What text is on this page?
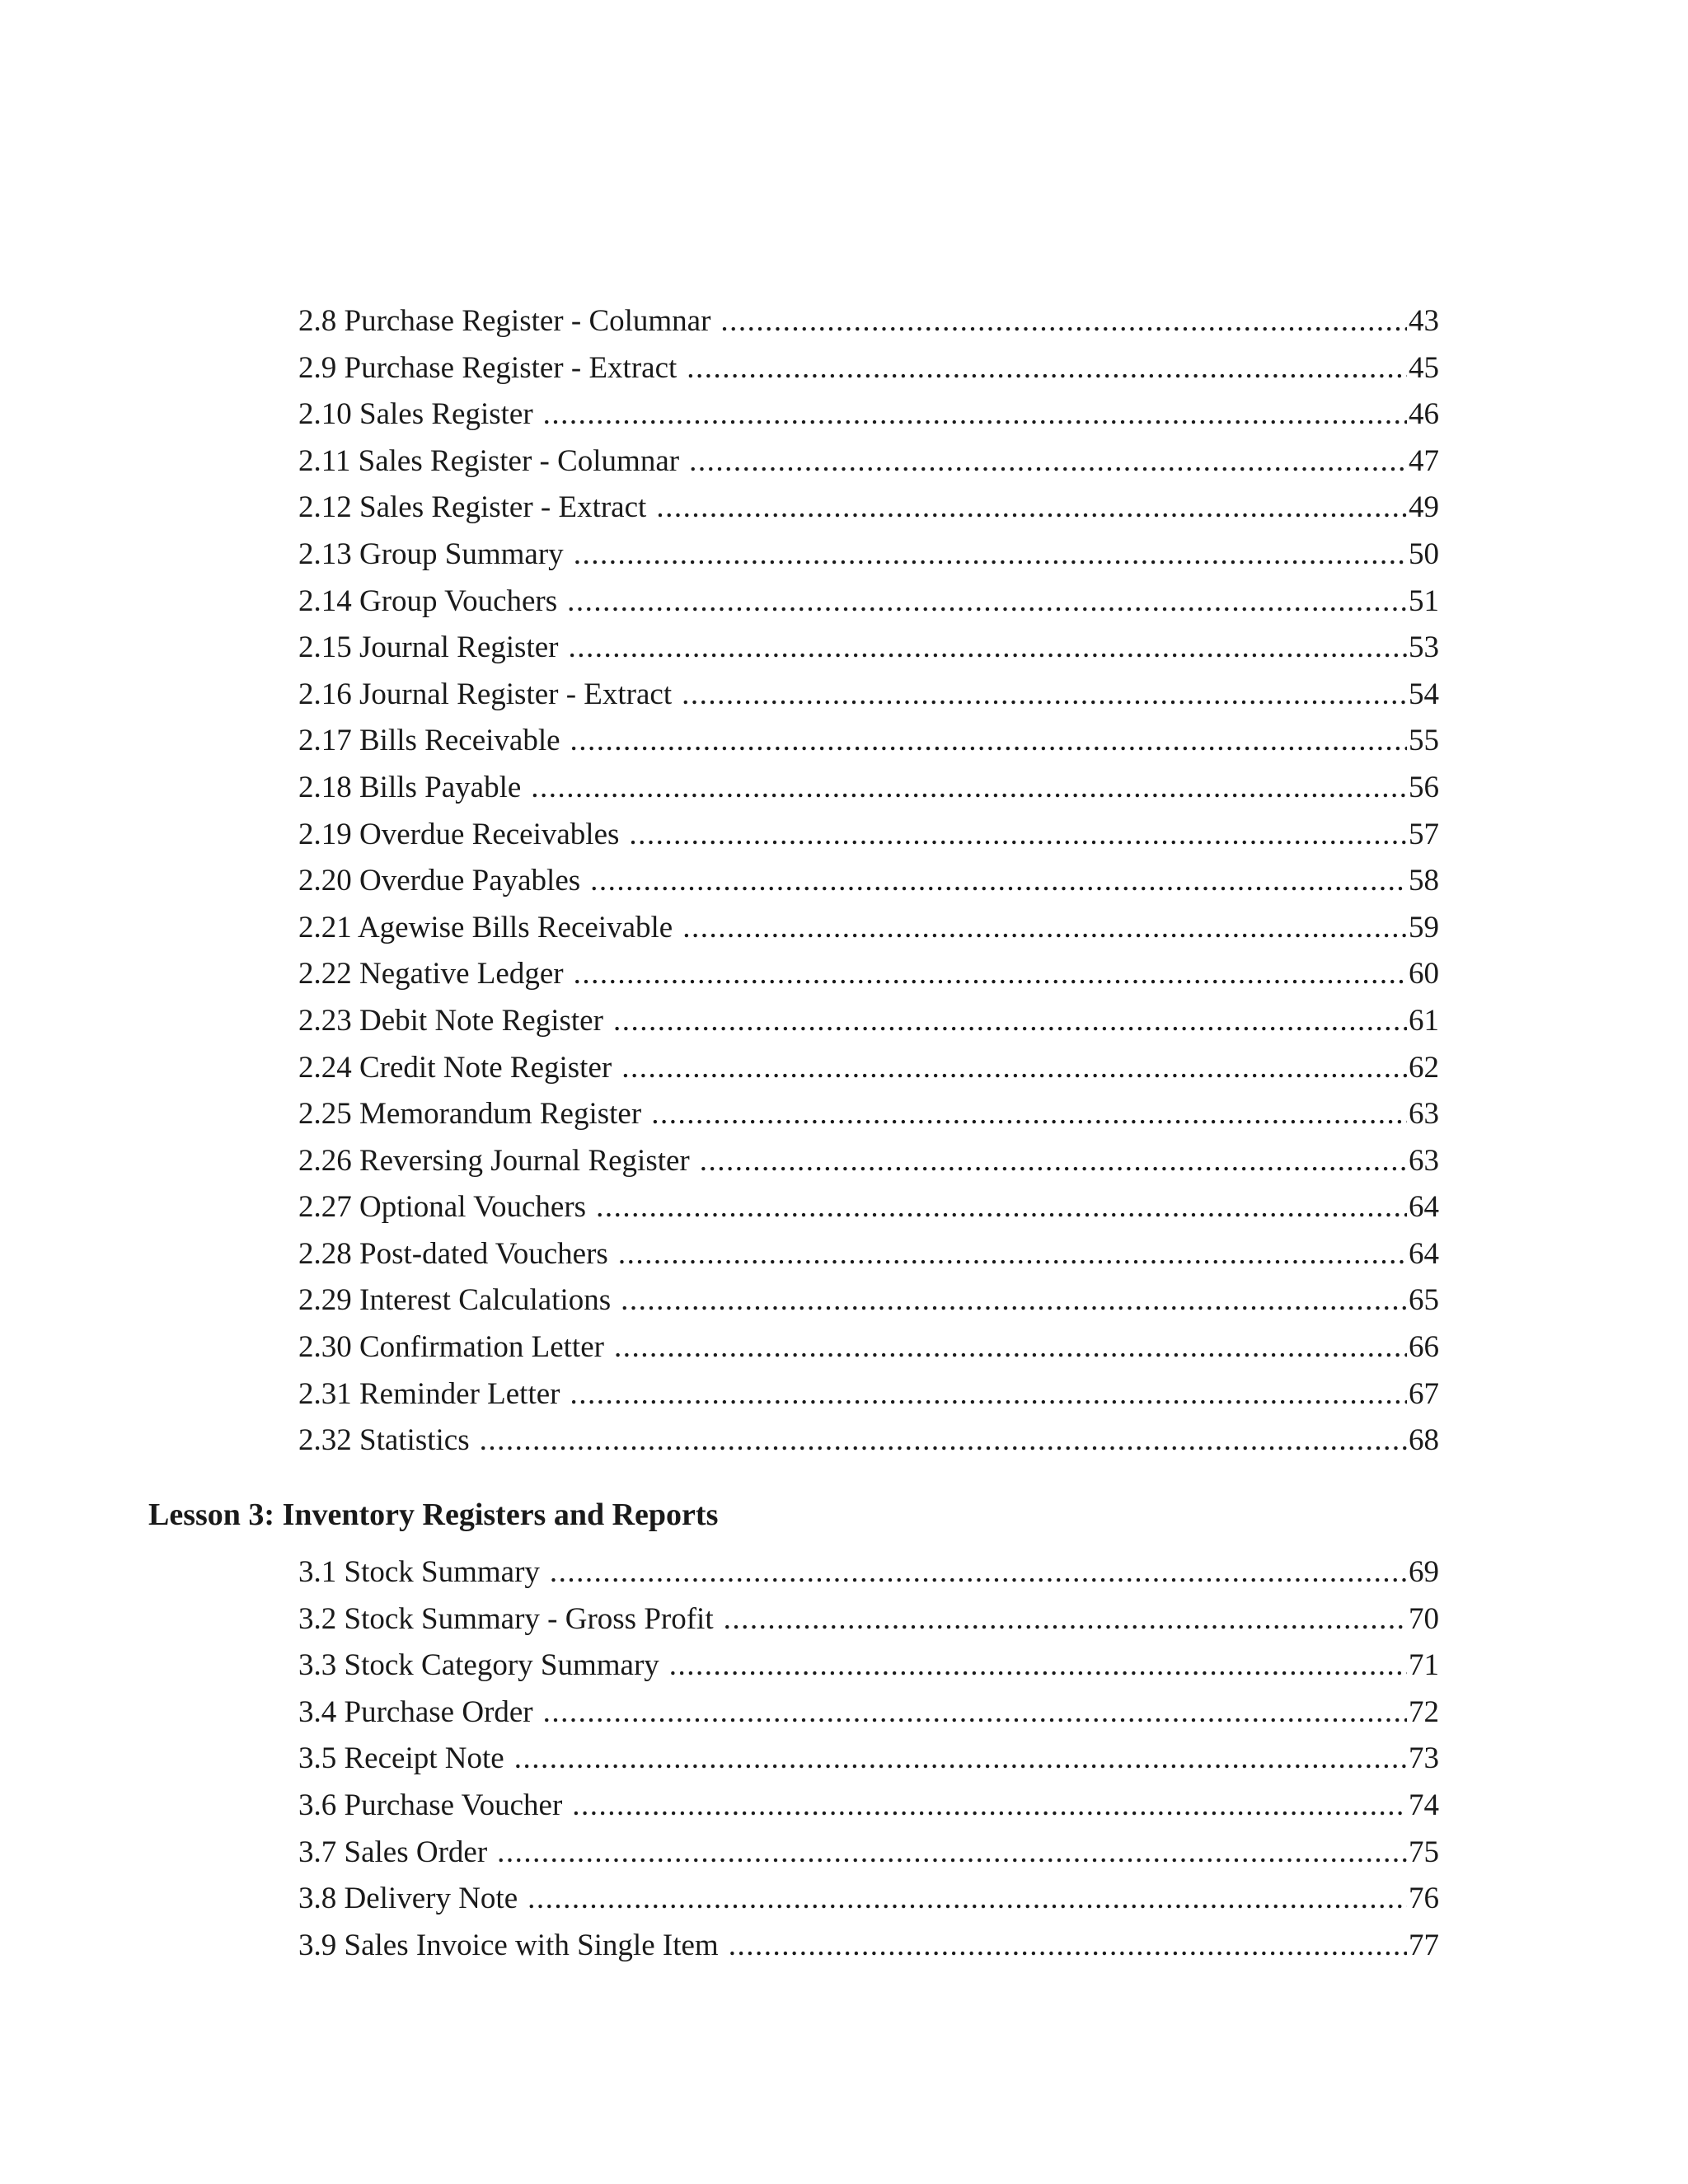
2.8 Purchase Register - Columnar .....	43
2.9 Purchase Register - Extract .....	45
2.10 Sales Register .....	46
2.11 Sales Register - Columnar .....	47
2.12 Sales Register - Extract .....	49
2.13 Group Summary .....	50
2.14 Group Vouchers .....	51
2.15 Journal Register .....	53
2.16 Journal Register - Extract .....	54
2.17 Bills Receivable .....	55
2.18 Bills Payable .....	56
2.19 Overdue Receivables .....	57
2.20 Overdue Payables .....	58
2.21 Agewise Bills Receivable .....	59
2.22 Negative Ledger .....	60
2.23 Debit Note Register .....	61
2.24 Credit Note Register .....	62
2.25 Memorandum Register .....	63
2.26 Reversing Journal Register .....	63
2.27 Optional Vouchers .....	64
2.28 Post-dated Vouchers .....	64
2.29 Interest Calculations .....	65
2.30 Confirmation Letter .....	66
2.31 Reminder Letter .....	67
2.32 Statistics .....	68
Lesson 3: Inventory Registers and Reports
3.1 Stock Summary .....	69
3.2 Stock Summary - Gross Profit .....	70
3.3 Stock Category Summary .....	71
3.4 Purchase Order .....	72
3.5 Receipt Note .....	73
3.6 Purchase Voucher .....	74
3.7 Sales Order .....	75
3.8 Delivery Note .....	76
3.9 Sales Invoice with Single Item .....	77
